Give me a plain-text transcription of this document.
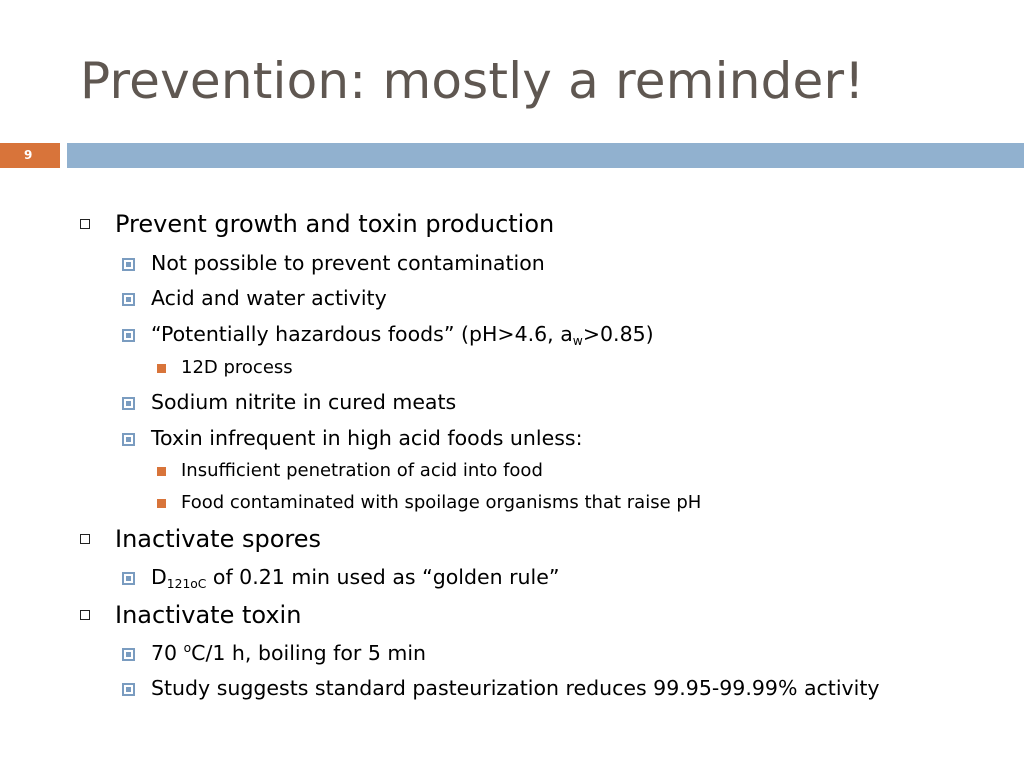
Prevention: mostly a reminder!
9
Prevent growth and toxin production
Not possible to prevent contamination
Acid and water activity
“Potentially hazardous foods” (pH>4.6, $a_w>0.85$)
12D process
Sodium nitrite in cured meats
Toxin infrequent in high acid foods unless:
Insufficient penetration of acid into food
Food contaminated with spoilage organisms that raise pH
Inactivate spores
$D_{121oC}$ of 0.21 min used as “golden rule”
Inactivate toxin
70 $^o$C/1 h, boiling for 5 min
Study suggests standard pasteurization reduces 99.95-99.99% activity
